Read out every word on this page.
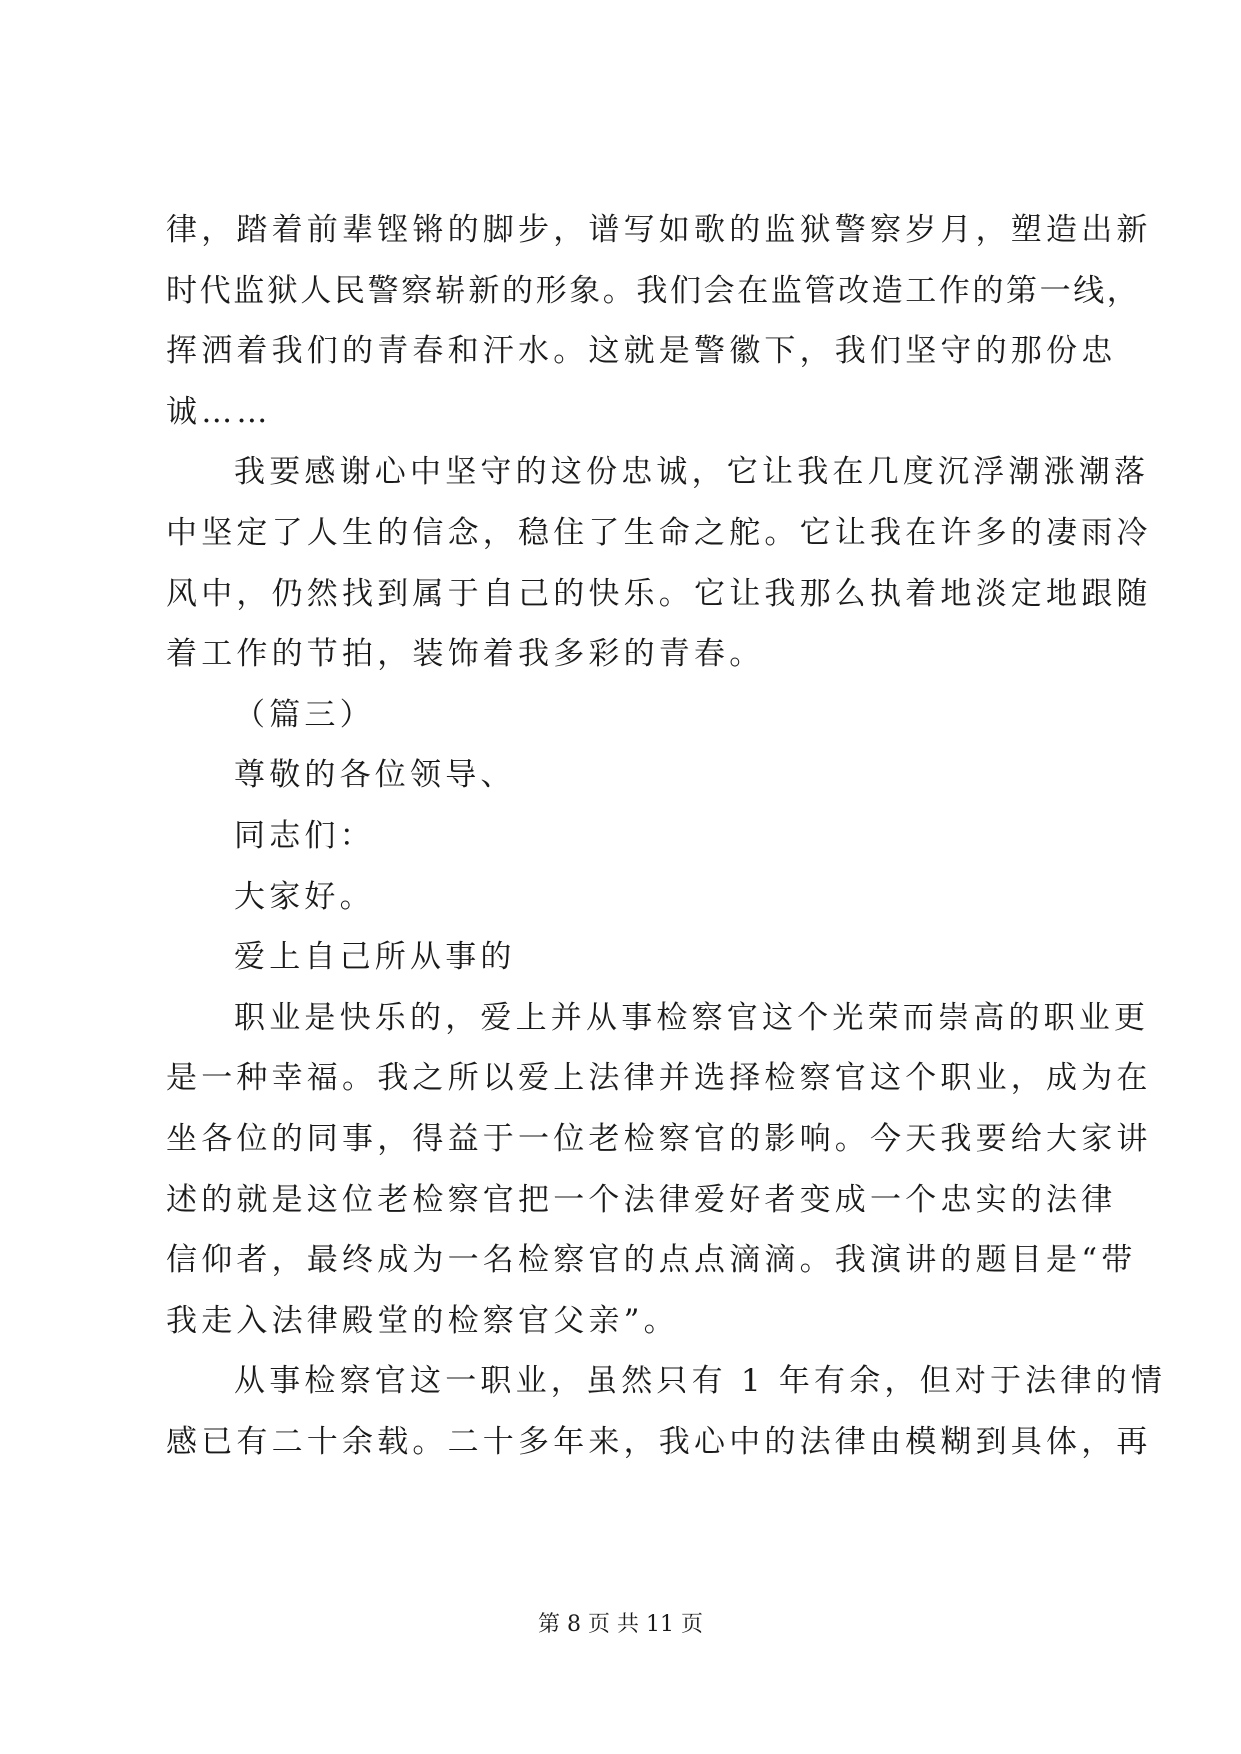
律，踏着前辈铿锵的脚步，谱写如歌的监狱警察岁月，塑造出新
时代监狱人民警察崭新的形象。我们会在监管改造工作的第一线，
挥洒着我们的青春和汗水。这就是警徽下，我们坚守的那份忠
诚……
我要感谢心中坚守的这份忠诚，它让我在几度沉浮潮涨潮落
中坚定了人生的信念，稳住了生命之舵。它让我在许多的凄雨冷
风中，仍然找到属于自己的快乐。它让我那么执着地淡定地跟随
着工作的节拍，装饰着我多彩的青春。
（篇三）
尊敬的各位领导、
同志们：
大家好。
爱上自己所从事的
职业是快乐的，爱上并从事检察官这个光荣而崇高的职业更
是一种幸福。我之所以爱上法律并选择检察官这个职业，成为在
坐各位的同事，得益于一位老检察官的影响。今天我要给大家讲
述的就是这位老检察官把一个法律爱好者变成一个忠实的法律
信仰者，最终成为一名检察官的点点滴滴。我演讲的题目是“带
我走入法律殿堂的检察官父亲”。
从事检察官这一职业，虽然只有 1 年有余，但对于法律的情
感已有二十余载。二十多年来，我心中的法律由模糊到具体，再
第 8 页 共 11 页
